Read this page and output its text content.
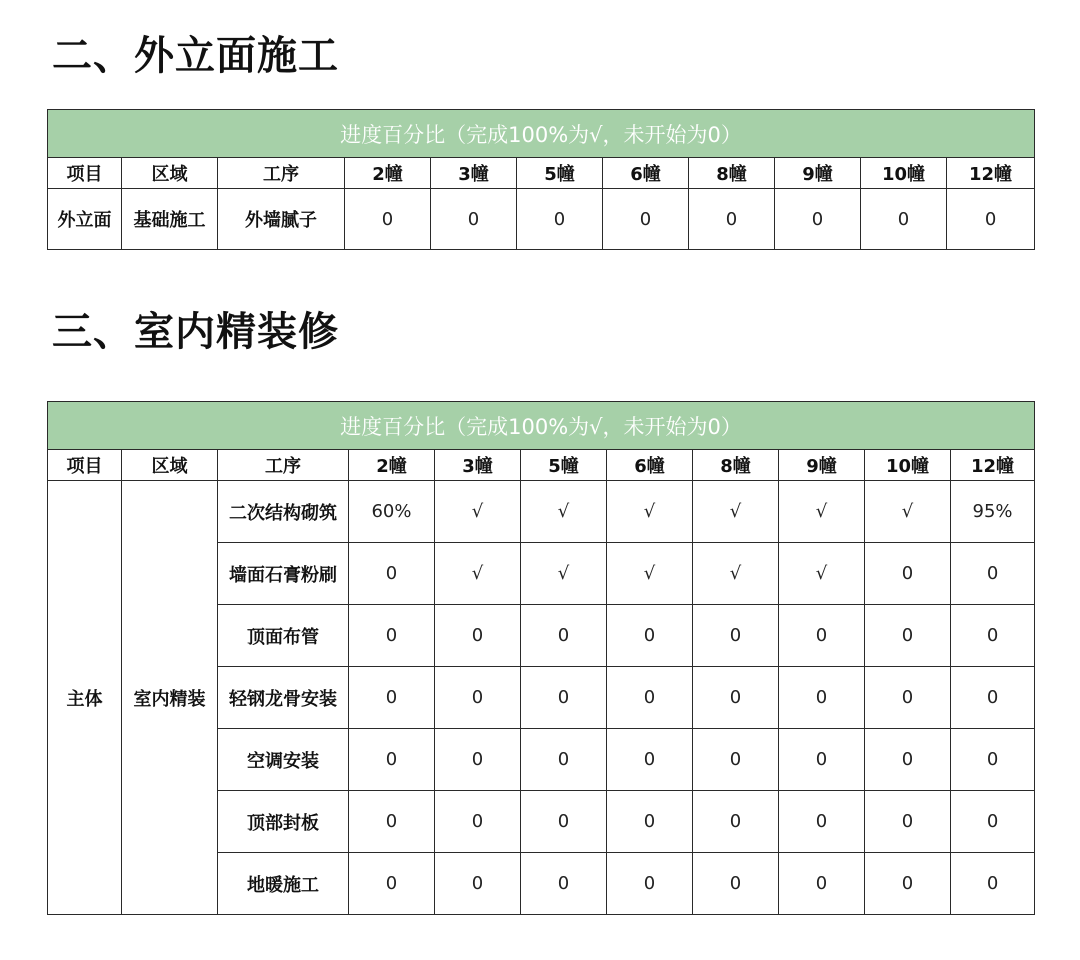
二、外立面施工
进度百分比（完成100%为√，未开始为0）										
项目	区域	工序	2幢	3幢	5幢	6幢	8幢	9幢	10幢	12幢
外立面	基础施工	外墙腻子	0	0	0	0	0	0	0	0
三、室内精装修
进度百分比（完成100%为√，未开始为0）										
项目	区域	工序	2幢	3幢	5幢	6幢	8幢	9幢	10幢	12幢
主体	室内精装	二次结构砌筑	60%	√	√	√	√	√	√	95%
		墙面石膏粉刷	0	√	√	√	√	√	0	0
		顶面布管	0	0	0	0	0	0	0	0
		轻钢龙骨安装	0	0	0	0	0	0	0	0
		空调安装	0	0	0	0	0	0	0	0
		顶部封板	0	0	0	0	0	0	0	0
		地暖施工	0	0	0	0	0	0	0	0
